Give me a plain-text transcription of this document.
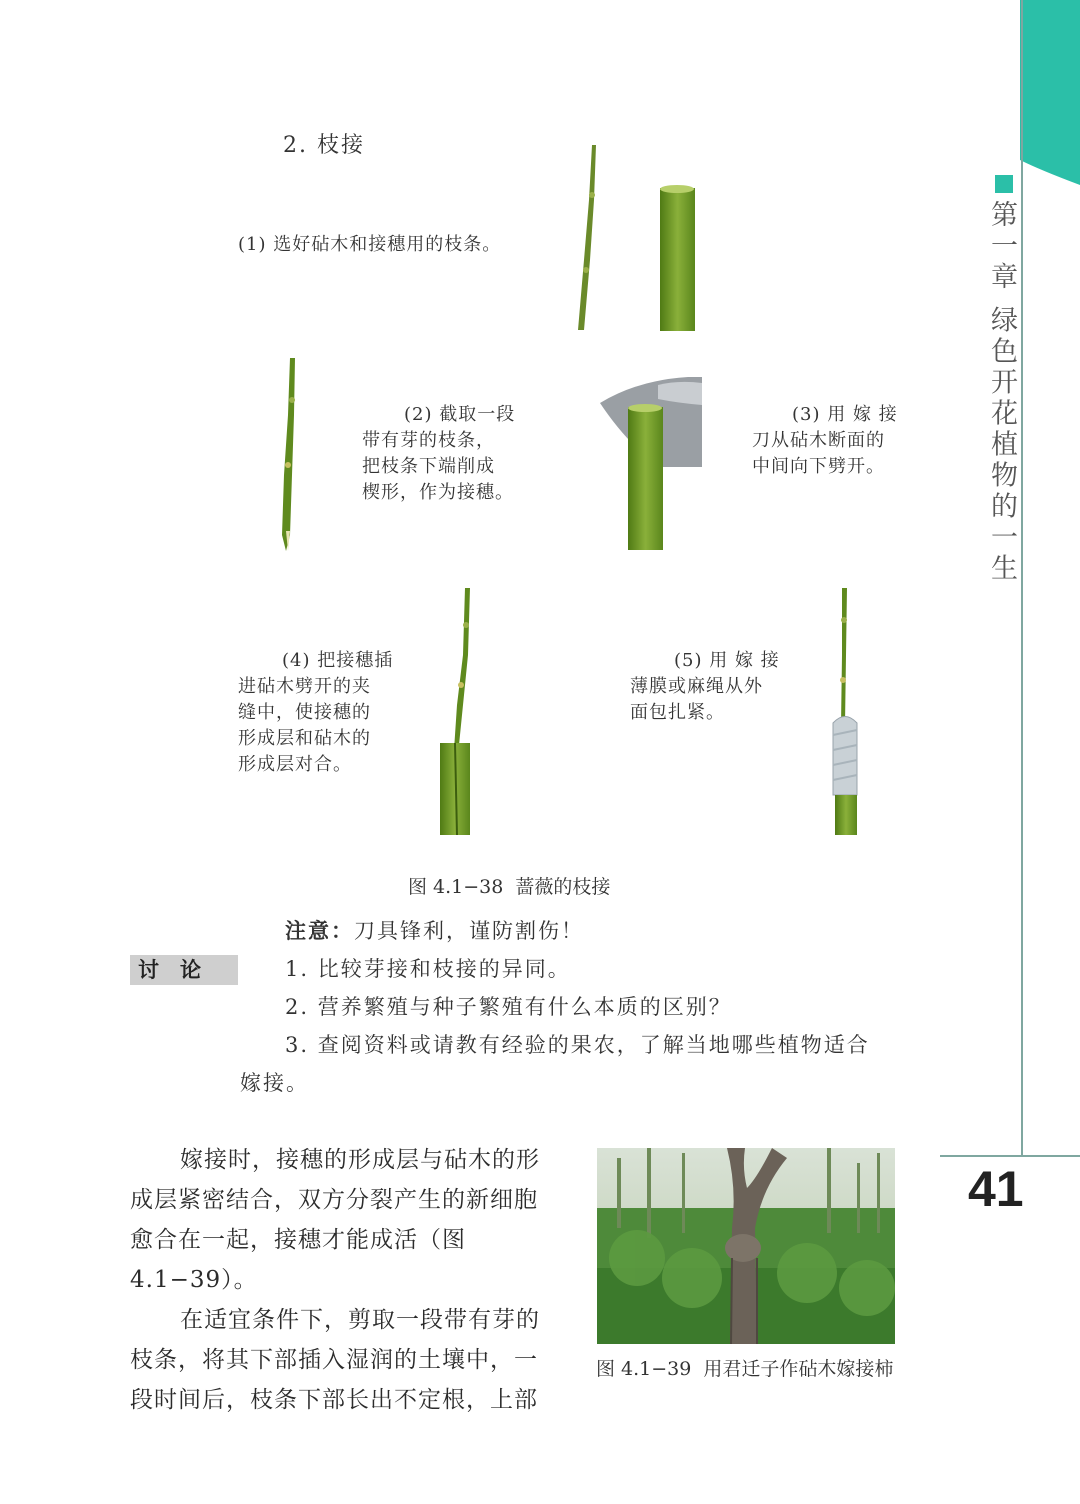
第一章 绿色开花植物的一生
41
2. 枝接
(1) 选好砧木和接穗用的枝条。
(2) 截取一段
带有芽的枝条，
把枝条下端削成
楔形，作为接穗。
(3) 用 嫁 接
刀从砧木断面的
中间向下劈开。
(4) 把接穗插
进砧木劈开的夹
缝中，使接穗的
形成层和砧木的
形成层对合。
(5) 用 嫁 接
薄膜或麻绳从外
面包扎紧。
图 4.1−38  蔷薇的枝接
注意：刀具锋利，谨防割伤！
讨　论	1. 比较芽接和枝接的异同。
2. 营养繁殖与种子繁殖有什么本质的区别？
3. 查阅资料或请教有经验的果农，了解当地哪些植物适合
嫁接。
嫁接时，接穗的形成层与砧木的形
成层紧密结合，双方分裂产生的新细胞
愈合在一起，接穗才能成活（图 4.1−39）。
在适宜条件下，剪取一段带有芽的
枝条，将其下部插入湿润的土壤中，一
段时间后，枝条下部长出不定根，上部
图 4.1−39  用君迁子作砧木嫁接柿
